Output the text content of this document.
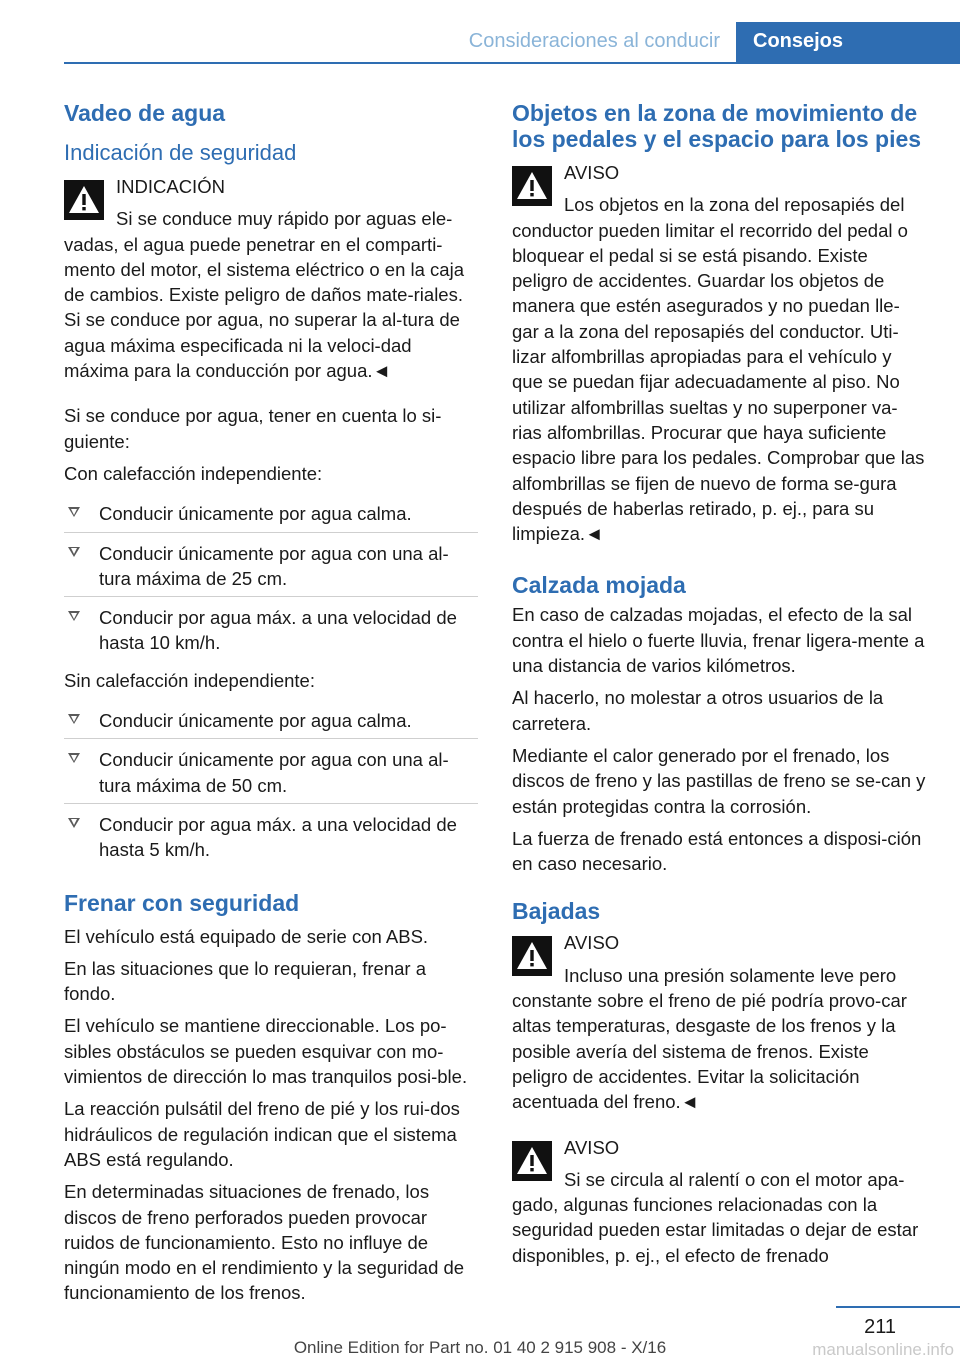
Consideraciones al conducir	Consejos
Vadeo de agua
Indicación de seguridad
INDICACIÓN
Si se conduce muy rápido por aguas ele-vadas, el agua puede penetrar en el comparti-mento del motor, el sistema eléctrico o en la caja de cambios. Existe peligro de daños mate-riales. Si se conduce por agua, no superar la al-tura de agua máxima especificada ni la veloci-dad máxima para la conducción por agua.◄
Si se conduce por agua, tener en cuenta lo si-guiente:
Con calefacción independiente:
Conducir únicamente por agua calma.
Conducir únicamente por agua con una al-tura máxima de 25 cm.
Conducir por agua máx. a una velocidad de hasta 10 km/h.
Sin calefacción independiente:
Conducir únicamente por agua calma.
Conducir únicamente por agua con una al-tura máxima de 50 cm.
Conducir por agua máx. a una velocidad de hasta 5 km/h.
Frenar con seguridad
El vehículo está equipado de serie con ABS.
En las situaciones que lo requieran, frenar a fondo.
El vehículo se mantiene direccionable. Los po-sibles obstáculos se pueden esquivar con mo-vimientos de dirección lo mas tranquilos posi-ble.
La reacción pulsátil del freno de pié y los rui-dos hidráulicos de regulación indican que el sistema ABS está regulando.
En determinadas situaciones de frenado, los discos de freno perforados pueden provocar ruidos de funcionamiento. Esto no influye de ningún modo en el rendimiento y la seguridad de funcionamiento de los frenos.
Objetos en la zona de movimiento de los pedales y el espacio para los pies
AVISO
Los objetos en la zona del reposapiés del conductor pueden limitar el recorrido del pedal o bloquear el pedal si se está pisando. Existe peligro de accidentes. Guardar los objetos de manera que estén asegurados y no puedan lle-gar a la zona del reposapiés del conductor. Uti-lizar alfombrillas apropiadas para el vehículo y que se puedan fijar adecuadamente al piso. No utilizar alfombrillas sueltas y no superponer va-rias alfombrillas. Procurar que haya suficiente espacio libre para los pedales. Comprobar que las alfombrillas se fijen de nuevo de forma se-gura después de haberlas retirado, p. ej., para su limpieza.◄
Calzada mojada
En caso de calzadas mojadas, el efecto de la sal contra el hielo o fuerte lluvia, frenar ligera-mente a una distancia de varios kilómetros.
Al hacerlo, no molestar a otros usuarios de la carretera.
Mediante el calor generado por el frenado, los discos de freno y las pastillas de freno se se-can y están protegidas contra la corrosión.
La fuerza de frenado está entonces a disposi-ción en caso necesario.
Bajadas
AVISO
Incluso una presión solamente leve pero constante sobre el freno de pié podría provo-car altas temperaturas, desgaste de los frenos y la posible avería del sistema de frenos. Existe peligro de accidentes. Evitar la solicitación acentuada del freno.◄
AVISO
Si se circula al ralentí o con el motor apa-gado, algunas funciones relacionadas con la seguridad pueden estar limitadas o dejar de estar disponibles, p. ej., el efecto de frenado
211
Online Edition for Part no. 01 40 2 915 908 - X/16	manualsonline.info
